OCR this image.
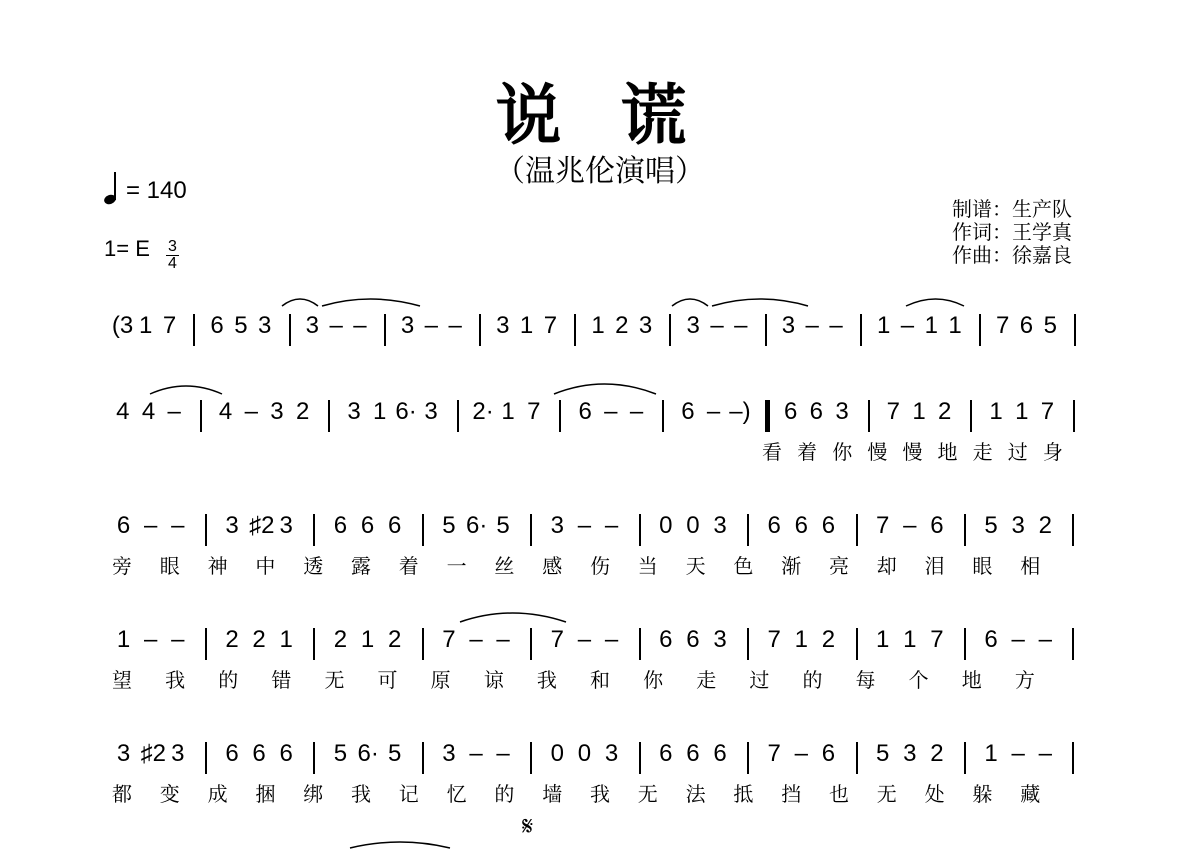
说 谎
（温兆伦演唱）
= 140
1= E $\frac{3}{4}$
制谱：生产队
作词：王学真
作曲：徐嘉良
(3 1 7 6 5 3 3 – – 3 – – 3 1 7 1 2 3 3 – – 3 – – 1 – 1 1 7 6 5
4 4 – 4 – 3 2 3 1 6· 3 2· 1 7 6 – – 6 – –) 6 6 3 7 1 2 1 1 7
看 着 你 慢 慢 地 走 过 身
6 – – 3 ♯2 3 6 6 6 5 6· 5 3 – – 0 0 3 6 6 6 7 – 6 5 3 2
旁 眼 神 中 透 露 着 一 丝 感 伤 当 天 色 渐 亮 却 泪 眼 相
1 – – 2 2 1 2 1 2 7 – – 7 – – 6 6 3 7 1 2 1 1 7 6 – –
望 我 的 错 无 可 原 谅 我 和 你 走 过 的 每 个 地 方
3 ♯2 3 6 6 6 5 6· 5 3 – – 0 0 3 6 6 6 7 – 6 5 3 2 1 – –
都 变 成 捆 绑 我 记 忆 的 墙 我 无 法 抵 挡 也 无 处 躲 藏
𝄋
